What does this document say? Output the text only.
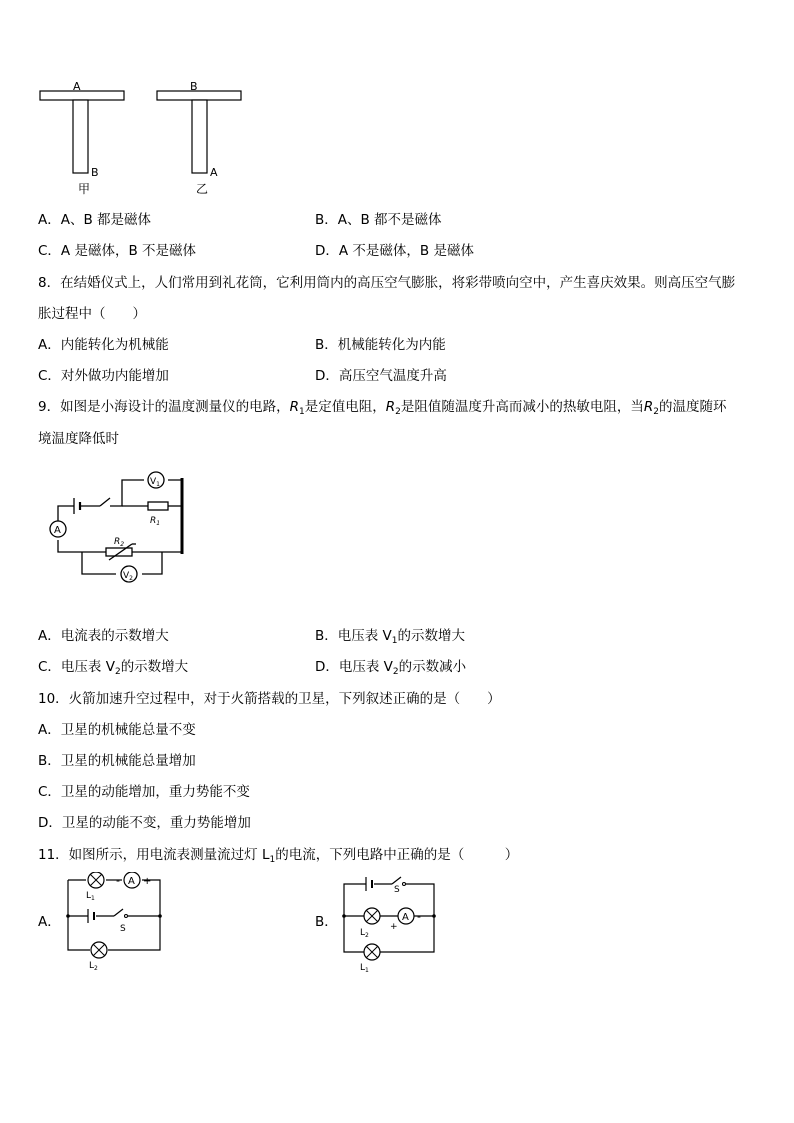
A
B
甲
B
A
乙
A．A、B 都是磁体	B．A、B 都不是磁体
C．A 是磁体，B 不是磁体	D．A 不是磁体，B 是磁体
8．在结婚仪式上，人们常用到礼花筒，它利用筒内的高压空气膨胀，将彩带喷向空中，产生喜庆效果。则高压空气膨
胀过程中（　　）
A．内能转化为机械能	B．机械能转化为内能
C．对外做功内能增加	D．高压空气温度升高
9．如图是小海设计的温度测量仪的电路，$R_1$是定值电阻，$R_2$是阻值随温度升高而减小的热敏电阻，当$R_2$的温度随环
境温度降低时
A
$V_1$
$V_2$
$R_1$
$R_2$
A．电流表的示数增大	B．电压表 $V_1$的示数增大
C．电压表 $V_2$的示数增大	D．电压表 $V_2$的示数减小
10．火箭加速升空过程中，对于火箭搭载的卫星，下列叙述正确的是（　　）
A．卫星的机械能总量不变
B．卫星的机械能总量增加
C．卫星的动能增加，重力势能不变
D．卫星的动能不变，重力势能增加
11．如图所示，用电流表测量流过灯 $L_1$的电流，下列电路中正确的是（　　　）
A．
A
- +
$L_1$
S
$L_2$
B．	A
+
-
S
$L_2$
$L_1$
